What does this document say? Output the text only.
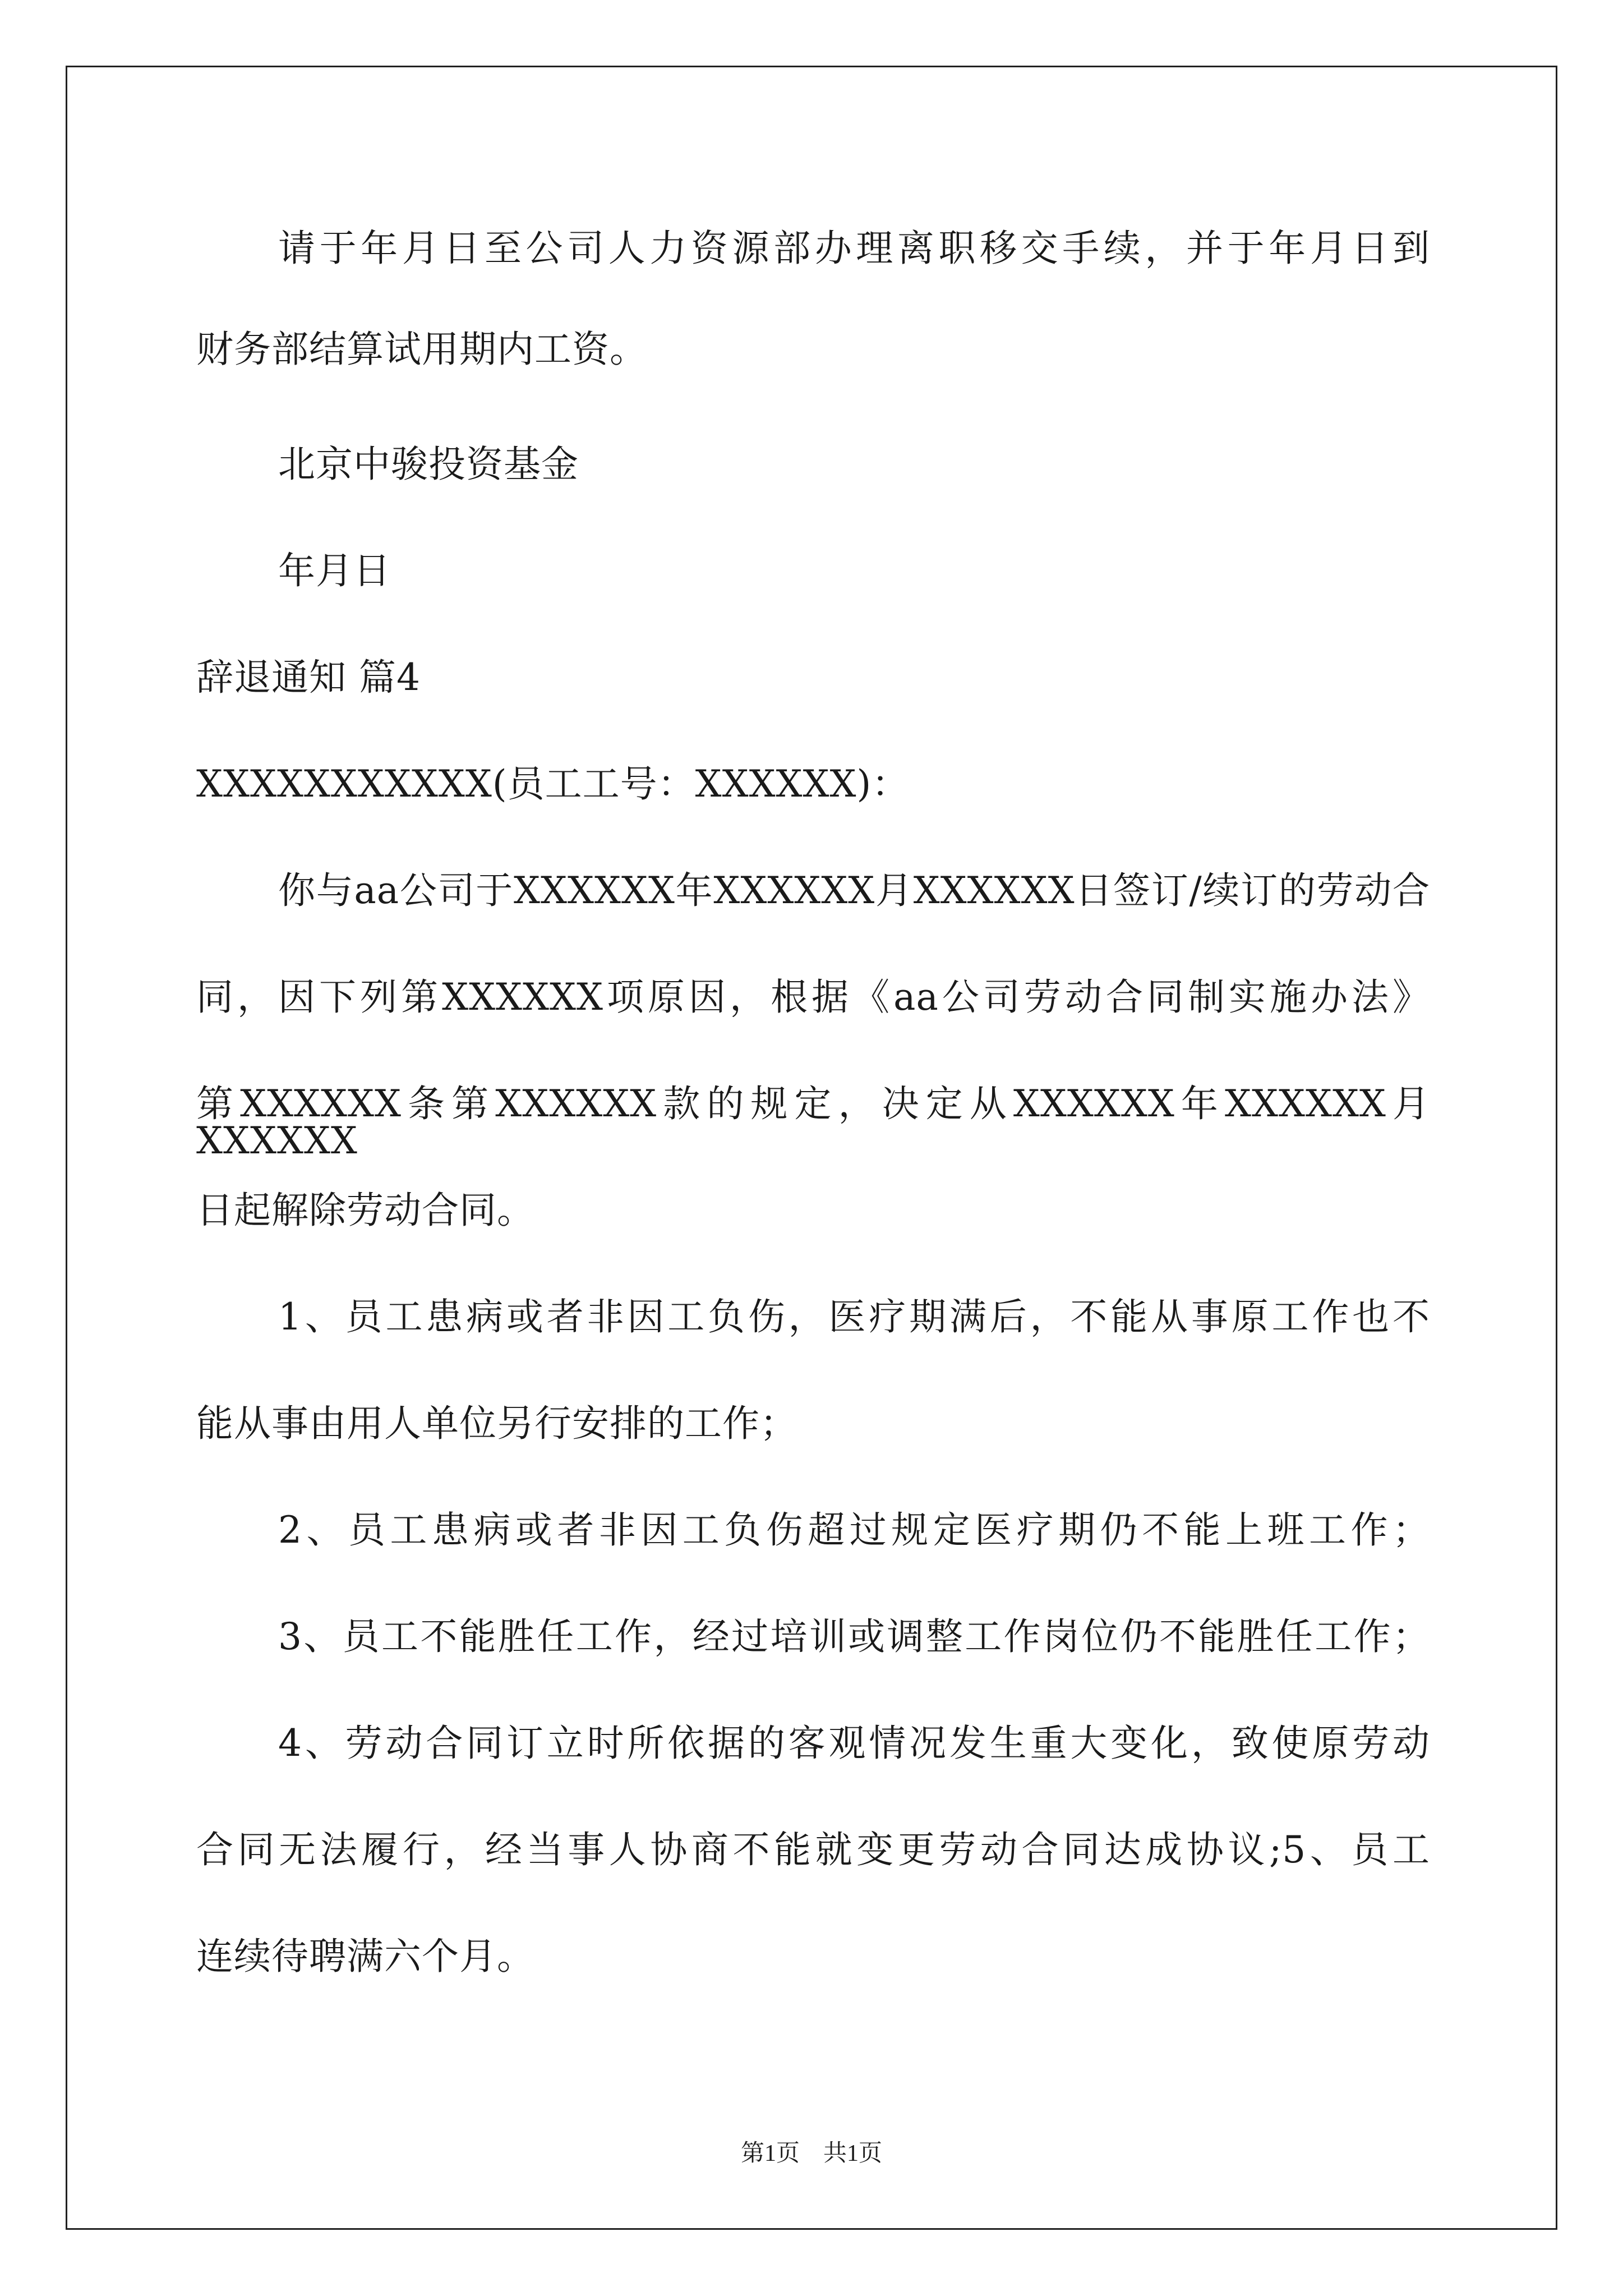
请于年月日至公司人力资源部办理离职移交手续，并于年月日到
财务部结算试用期内工资。
北京中骏投资基金
年月日
辞退通知 篇4
XXXXXXXXXXX(员工工号：XXXXXX)：
你与aa公司于XXXXXX年XXXXXX月XXXXXX日签订/续订的劳动合
同，因下列第XXXXXX项原因，根据《aa公司劳动合同制实施办法》
第XXXXXX条第XXXXXX款的规定，决定从XXXXXX年XXXXXX月XXXXXX
日起解除劳动合同。
1、员工患病或者非因工负伤，医疗期满后，不能从事原工作也不
能从事由用人单位另行安排的工作；
2、员工患病或者非因工负伤超过规定医疗期仍不能上班工作；
3、员工不能胜任工作，经过培训或调整工作岗位仍不能胜任工作；
4、劳动合同订立时所依据的客观情况发生重大变化，致使原劳动
合同无法履行，经当事人协商不能就变更劳动合同达成协议;5、员工
连续待聘满六个月。
第1页　共1页
